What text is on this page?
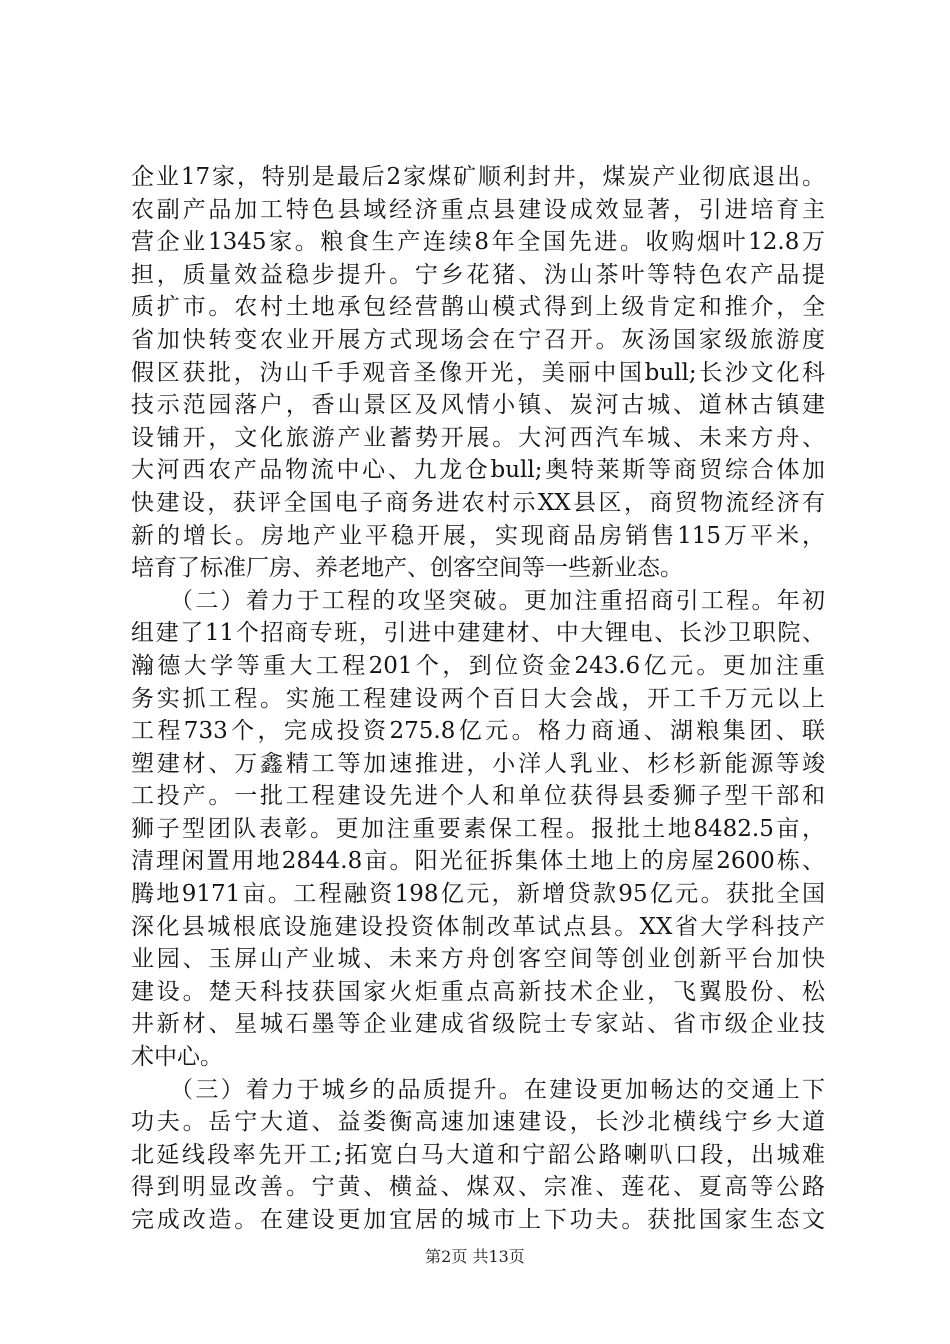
企业17家，特别是最后2家煤矿顺利封井，煤炭产业彻底退出。
农副产品加工特色县域经济重点县建设成效显著，引进培育主
营企业1345家。粮食生产连续8年全国先进。收购烟叶12.8万
担，质量效益稳步提升。宁乡花猪、沩山茶叶等特色农产品提
质扩市。农村土地承包经营鹊山模式得到上级肯定和推介，全
省加快转变农业开展方式现场会在宁召开。灰汤国家级旅游度
假区获批，沩山千手观音圣像开光，美丽中国bull;长沙文化科
技示范园落户，香山景区及风情小镇、炭河古城、道林古镇建
设铺开，文化旅游产业蓄势开展。大河西汽车城、未来方舟、
大河西农产品物流中心、九龙仓bull;奥特莱斯等商贸综合体加
快建设，获评全国电子商务进农村示XX县区，商贸物流经济有
新的增长。房地产业平稳开展，实现商品房销售115万平米，
培育了标准厂房、养老地产、创客空间等一些新业态。
　　（二）着力于工程的攻坚突破。更加注重招商引工程。年初
组建了11个招商专班，引进中建建材、中大锂电、长沙卫职院、
瀚德大学等重大工程201个，到位资金243.6亿元。更加注重
务实抓工程。实施工程建设两个百日大会战，开工千万元以上
工程733个，完成投资275.8亿元。格力商通、湖粮集团、联
塑建材、万鑫精工等加速推进，小洋人乳业、杉杉新能源等竣
工投产。一批工程建设先进个人和单位获得县委狮子型干部和
狮子型团队表彰。更加注重要素保工程。报批土地8482.5亩，
清理闲置用地2844.8亩。阳光征拆集体土地上的房屋2600栋、
腾地9171亩。工程融资198亿元，新增贷款95亿元。获批全国
深化县城根底设施建设投资体制改革试点县。XX省大学科技产
业园、玉屏山产业城、未来方舟创客空间等创业创新平台加快
建设。楚天科技获国家火炬重点高新技术企业，飞翼股份、松
井新材、星城石墨等企业建成省级院士专家站、省市级企业技
术中心。
　　（三）着力于城乡的品质提升。在建设更加畅达的交通上下
功夫。岳宁大道、益娄衡高速加速建设，长沙北横线宁乡大道
北延线段率先开工;拓宽白马大道和宁韶公路喇叭口段，出城难
得到明显改善。宁黄、横益、煤双、宗准、莲花、夏高等公路
完成改造。在建设更加宜居的城市上下功夫。获批国家生态文
第2页 共13页
